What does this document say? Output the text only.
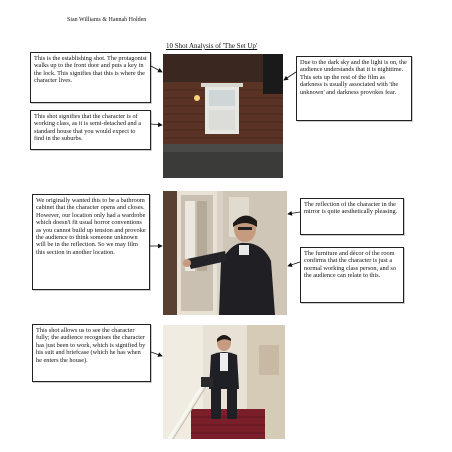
Sian Williams & Hannah Holden
10 Shot Analysis of 'The Set Up'
This is the establishing shot. The protagonist walks up to the front door and puts a key in the lock. This signifies that this is where the character lives.
This shot signifies that the character is of working class, as it is semi-detached and a standard house that you would expect to find in the suburbs.
Due to the dark sky and the light is on, the audience understands that it is nighttime. This sets up the rest of the film as darkness is usually associated with 'the unknown' and darkness provokes fear.
We originally wanted this to be a bathroom cabinet that the character opens and closes. However, our location only had a wardrobe which doesn't fit usual horror conventions as you cannot build up tension and provoke the audience to think someone unknown will be in the reflection. So we may film this section in another location.
The reflection of the character in the mirror is quite aesthetically pleasing.
The furniture and décor of the room confirms that the character is just a normal working class person, and so the audience can relate to this.
This shot allows us to see the character fully; the audience recognises the character has just been to work, which is signified by his suit and briefcase (which he has when he enters the house).
